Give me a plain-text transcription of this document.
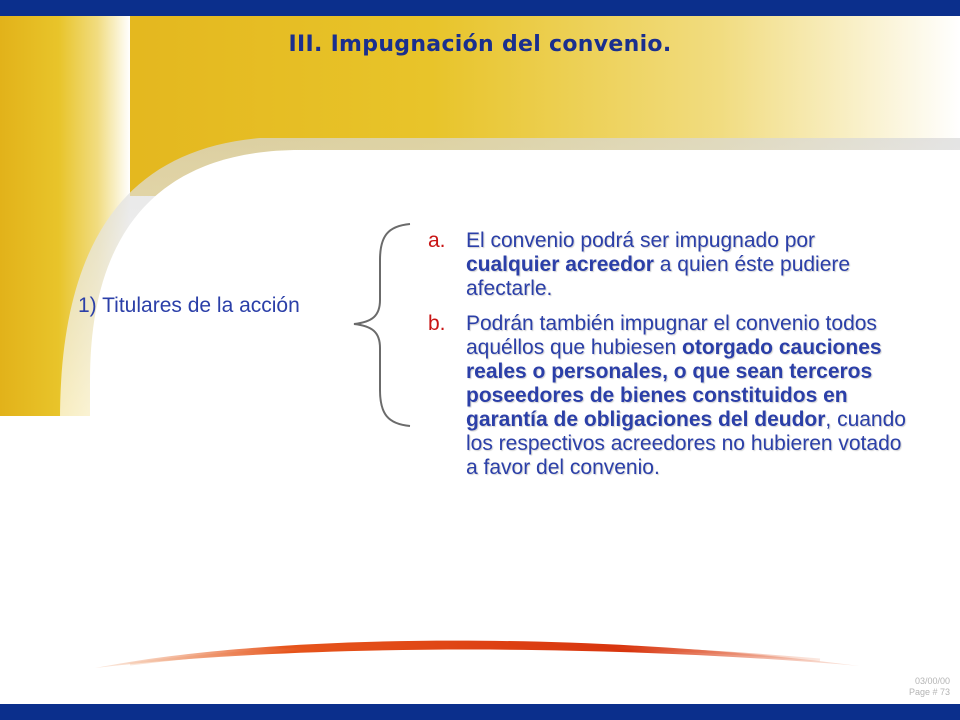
III. Impugnación del convenio.
1) Titulares de la acción
a. El convenio podrá ser impugnado por cualquier acreedor a quien éste pudiere afectarle.
b. Podrán también impugnar el convenio todos aquéllos que hubiesen otorgado cauciones reales o personales, o que sean terceros poseedores de bienes constituidos en garantía de obligaciones del deudor, cuando los respectivos acreedores no hubieren votado a favor del convenio.
03/00/00
Page # 73
